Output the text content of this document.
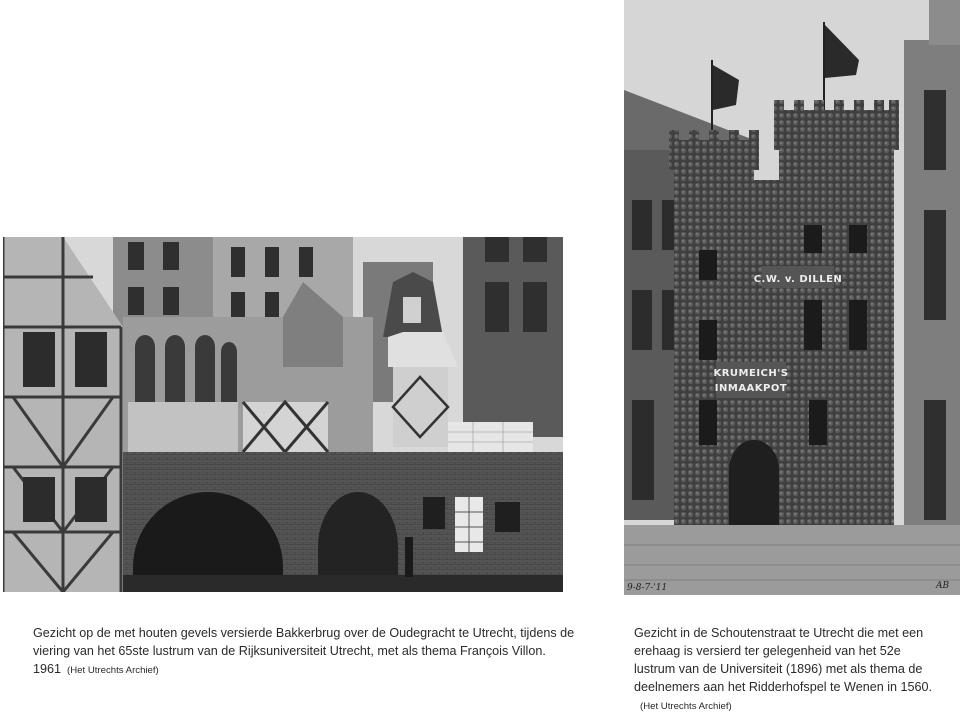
C.W. v. DILLEN
KRUMEICH'S
INMAAKPOT
9-8-7-'11	AB
Gezicht op de met houten gevels versierde Bakkerbrug over de Oudegracht te Utrecht, tijdens de viering van het 65ste lustrum van de Rijksuniversiteit Utrecht, met als thema François Villon. 1961 (Het Utrechts Archief)
Gezicht in de Schoutenstraat te Utrecht die met een erehaag is versierd ter gelegenheid van het 52e lustrum van de Universiteit (1896) met als thema de deelnemers aan het Ridderhofspel te Wenen in 1560.(Het Utrechts Archief)
